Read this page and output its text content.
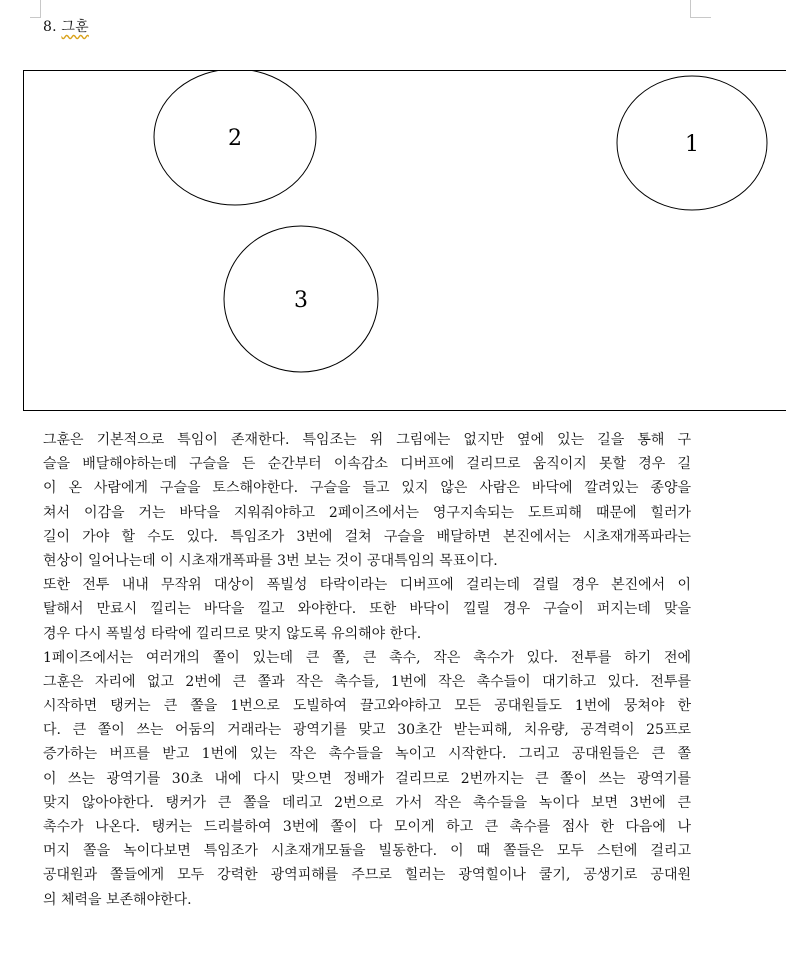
8. 그훈
2	1
3
그훈은 기본적으로 특임이 존재한다. 특임조는 위 그림에는 없지만 옆에 있는 길을 통해 구
슬을 배달해야하는데 구슬을 든 순간부터 이속감소 디버프에 걸리므로 움직이지 못할 경우 길
이 온 사람에게 구슬을 토스해야한다. 구슬을 들고 있지 않은 사람은 바닥에 깔려있는 종양을
쳐서 이감을 거는 바닥을 지워줘야하고 2페이즈에서는 영구지속되는 도트피해 때문에 힐러가
길이 가야 할 수도 있다. 특임조가 3번에 걸쳐 구슬을 배달하면 본진에서는 시초재개폭파라는
현상이 일어나는데 이 시초재개폭파를 3번 보는 것이 공대특임의 목표이다.
또한 전투 내내 무작위 대상이 폭빌성 타락이라는 디버프에 걸리는데 걸릴 경우 본진에서 이
탈해서 만료시 낄리는 바닥을 낄고 와야한다. 또한 바닥이 낄릴 경우 구슬이 퍼지는데 맞을
경우 다시 폭빌성 타락에 낄리므로 맞지 않도록 유의해야 한다.
1페이즈에서는 여러개의 쫄이 있는데 큰 쫄, 큰 촉수, 작은 촉수가 있다. 전투를 하기 전에
그훈은 자리에 없고 2번에 큰 쫄과 작은 촉수들, 1번에 작은 촉수들이 대기하고 있다. 전투를
시작하면 탱커는 큰 쫄을 1번으로 도빌하여 끌고와야하고 모든 공대원들도 1번에 뭉쳐야 한
다. 큰 쫄이 쓰는 어둠의 거래라는 광역기를 맞고 30초간 받는피해, 치유량, 공격력이 25프로
증가하는 버프를 받고 1번에 있는 작은 촉수들을 녹이고 시작한다. 그리고 공대원들은 큰 쫄
이 쓰는 광역기를 30초 내에 다시 맞으면 정배가 걸리므로 2번까지는 큰 쫄이 쓰는 광역기를
맞지 않아야한다. 탱커가 큰 쫄을 데리고 2번으로 가서 작은 촉수들을 녹이다 보면 3번에 큰
촉수가 나온다. 탱커는 드리블하여 3번에 쫄이 다 모이게 하고 큰 촉수를 점사 한 다음에 나
머지 쫄을 녹이다보면 특임조가 시초재개모듈을 빌동한다. 이 때 쫄들은 모두 스턴에 걸리고
공대원과 쫄들에게 모두 강력한 광역피해를 주므로 힐러는 광역힐이나 쿨기, 공생기로 공대원
의 체력을 보존해야한다.
